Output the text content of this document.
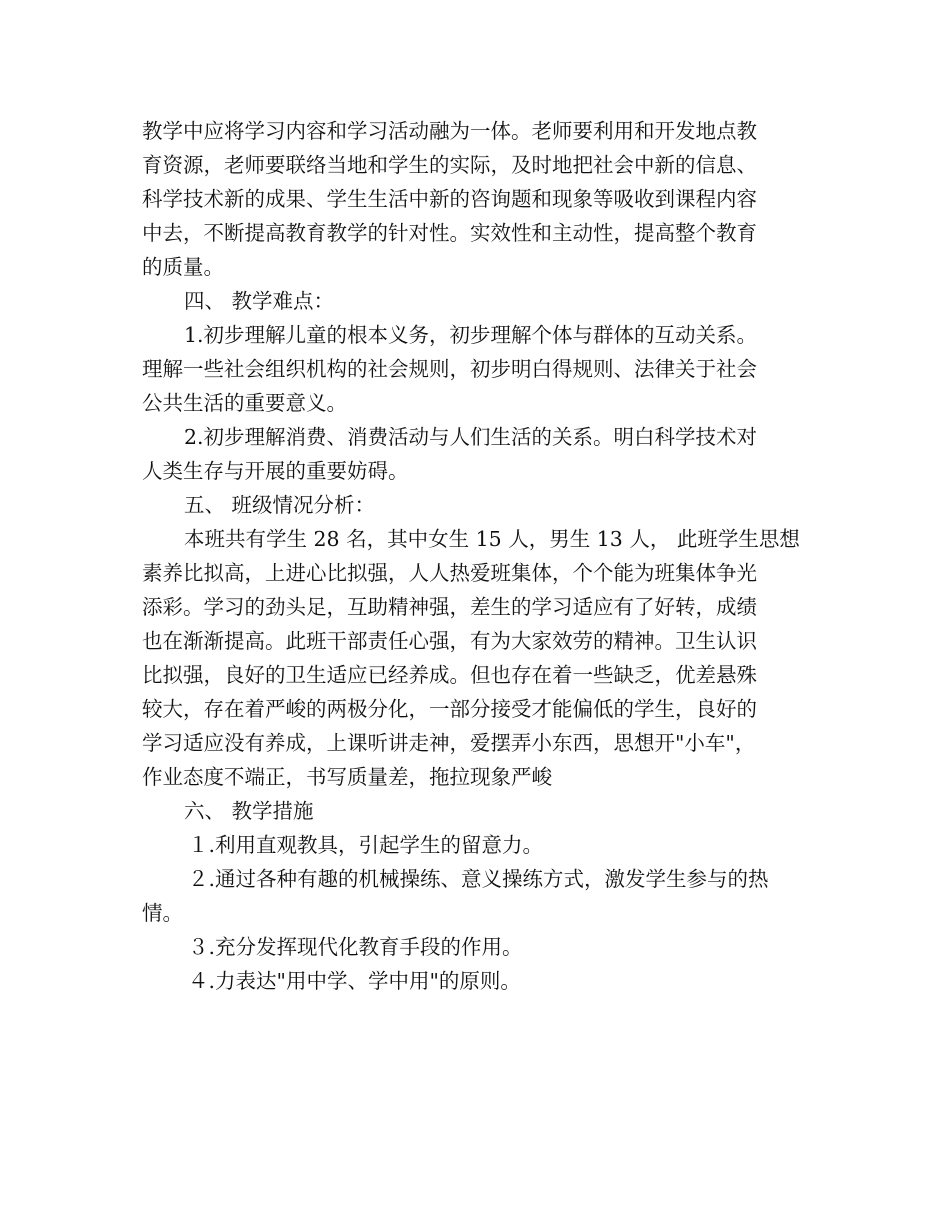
教学中应将学习内容和学习活动融为一体。老师要利用和开发地点教
育资源，老师要联络当地和学生的实际，及时地把社会中新的信息、
科学技术新的成果、学生生活中新的咨询题和现象等吸收到课程内容
中去，不断提高教育教学的针对性。实效性和主动性，提高整个教育
的质量。
四、 教学难点：
1.初步理解儿童的根本义务，初步理解个体与群体的互动关系。
理解一些社会组织机构的社会规则，初步明白得规则、法律关于社会
公共生活的重要意义。
2.初步理解消费、消费活动与人们生活的关系。明白科学技术对
人类生存与开展的重要妨碍。
五、 班级情况分析：
本班共有学生 28 名，其中女生 15 人，男生 13 人， 此班学生思想
素养比拟高，上进心比拟强，人人热爱班集体，个个能为班集体争光
添彩。学习的劲头足，互助精神强，差生的学习适应有了好转，成绩
也在渐渐提高。此班干部责任心强，有为大家效劳的精神。卫生认识
比拟强，良好的卫生适应已经养成。但也存在着一些缺乏，优差悬殊
较大，存在着严峻的两极分化，一部分接受才能偏低的学生，良好的
学习适应没有养成，上课听讲走神，爱摆弄小东西，思想开"小车"，
作业态度不端正，书写质量差，拖拉现象严峻
六、 教学措施
１.利用直观教具，引起学生的留意力。
２.通过各种有趣的机械操练、意义操练方式，激发学生参与的热
情。
３.充分发挥现代化教育手段的作用。
４.力表达"用中学、学中用"的原则。
